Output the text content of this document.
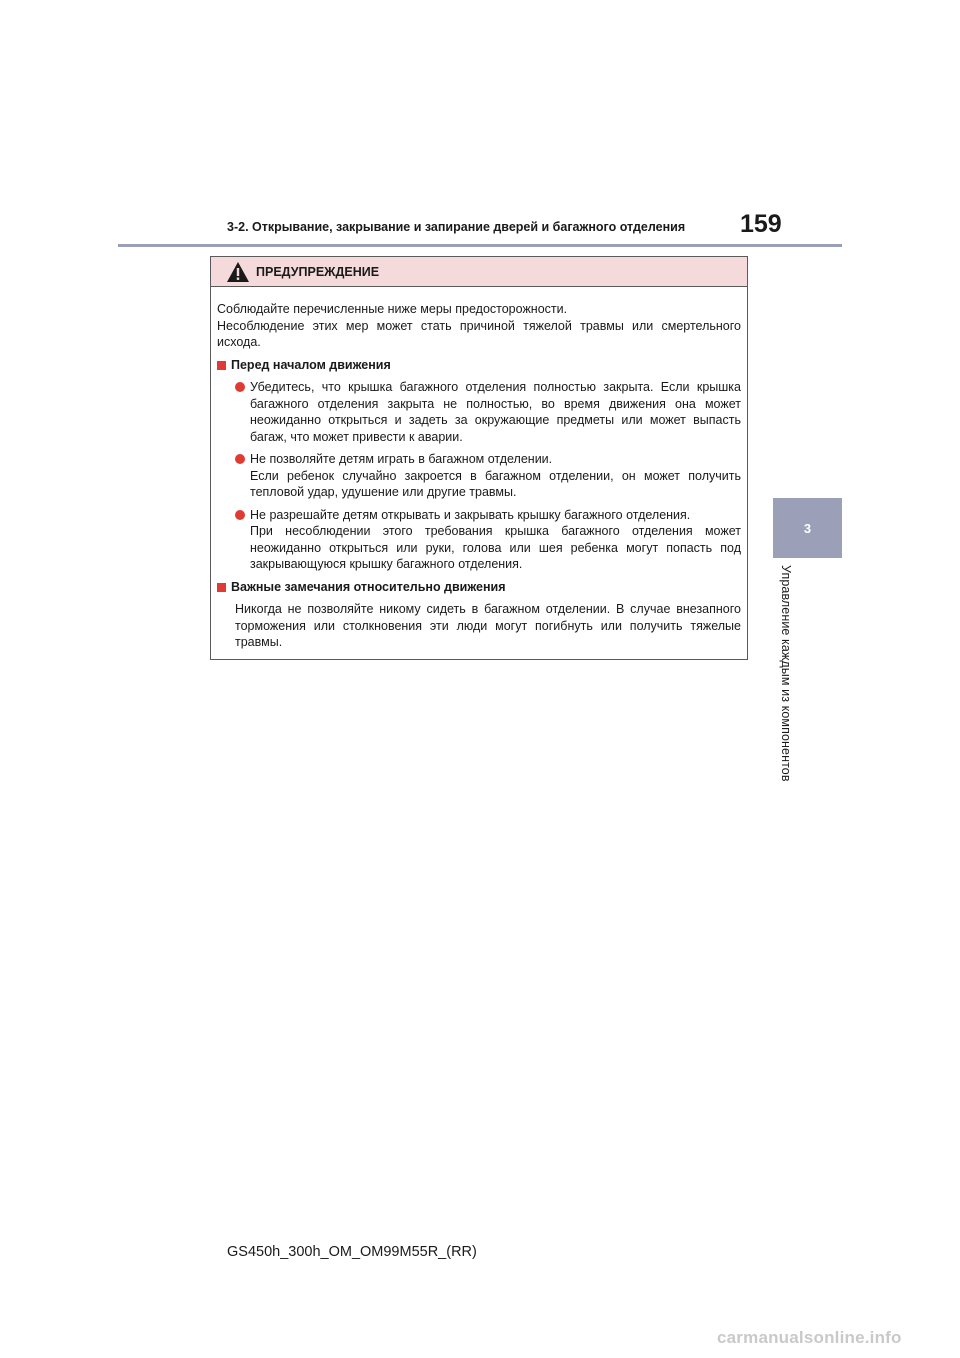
3-2. Открывание, закрывание и запирание дверей и багажного отделения	159
3
Управление каждым из компонентов
ПРЕДУПРЕЖДЕНИЕ
Соблюдайте перечисленные ниже меры предосторожности.
Несоблюдение этих мер может стать причиной тяжелой травмы или смертельного исхода.
Перед началом движения
Убедитесь, что крышка багажного отделения полностью закрыта. Если крышка багажного отделения закрыта не полностью, во время движения она может неожиданно открыться и задеть за окружающие предметы или может выпасть багаж, что может привести к аварии.
Не позволяйте детям играть в багажном отделении.
Если ребенок случайно закроется в багажном отделении, он может получить тепловой удар, удушение или другие травмы.
Не разрешайте детям открывать и закрывать крышку багажного отделения.
При несоблюдении этого требования крышка багажного отделения может неожиданно открыться или руки, голова или шея ребенка могут попасть под закрывающуюся крышку багажного отделения.
Важные замечания относительно движения
Никогда не позволяйте никому сидеть в багажном отделении. В случае внезапного торможения или столкновения эти люди могут погибнуть или получить тяжелые травмы.
GS450h_300h_OM_OM99M55R_(RR)
carmanualsonline.info
